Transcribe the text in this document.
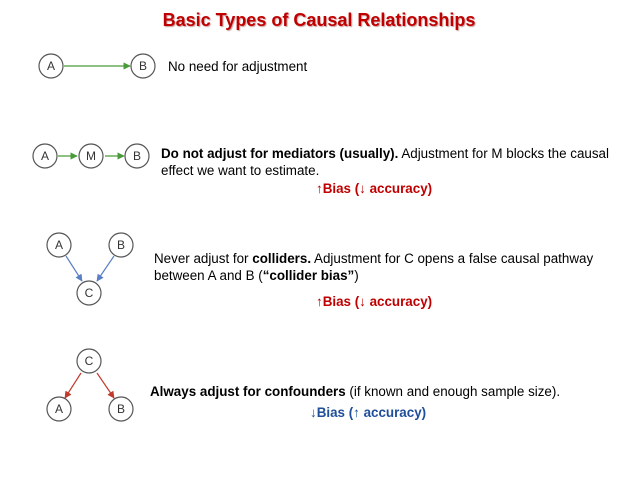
Basic Types of Causal Relationships
A	B
A	M	B
A	B
C
C
A	B
No need for adjustment
Do not adjust for mediators (usually). Adjustment for M blocks the causal effect we want to estimate.
↑Bias (↓ accuracy)
Never adjust for colliders. Adjustment for C opens a false causal pathway between A and B (“collider bias”)
↑Bias (↓ accuracy)
Always adjust for confounders (if known and enough sample size).
↓Bias (↑ accuracy)
